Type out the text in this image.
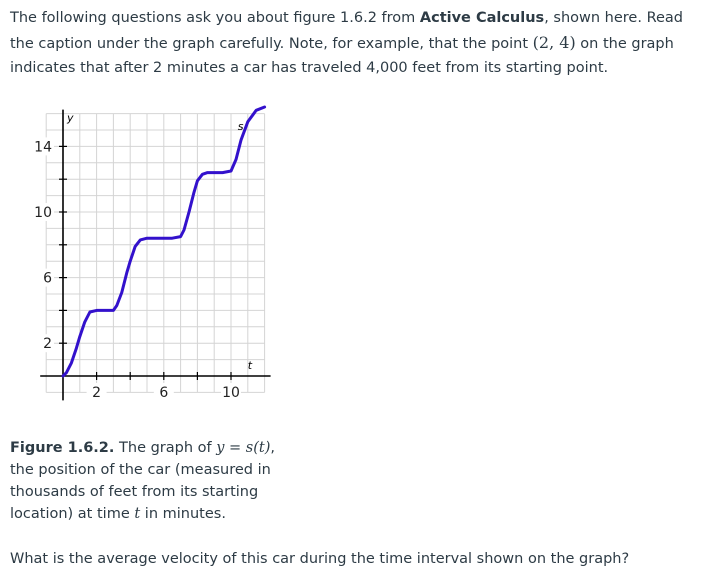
The following questions ask you about figure 1.6.2 from Active Calculus, shown here. Read the caption under the graph carefully. Note, for example, that the point (2, 4) on the graph indicates that after 2 minutes a car has traveled 4,000 feet from its starting point.
2	6	10
2
6
10
14
y
t
s
Figure 1.6.2. The graph of y = s(t), the position of the car (measured in thousands of feet from its starting location) at time t in minutes.
What is the average velocity of this car during the time interval shown on the graph?
